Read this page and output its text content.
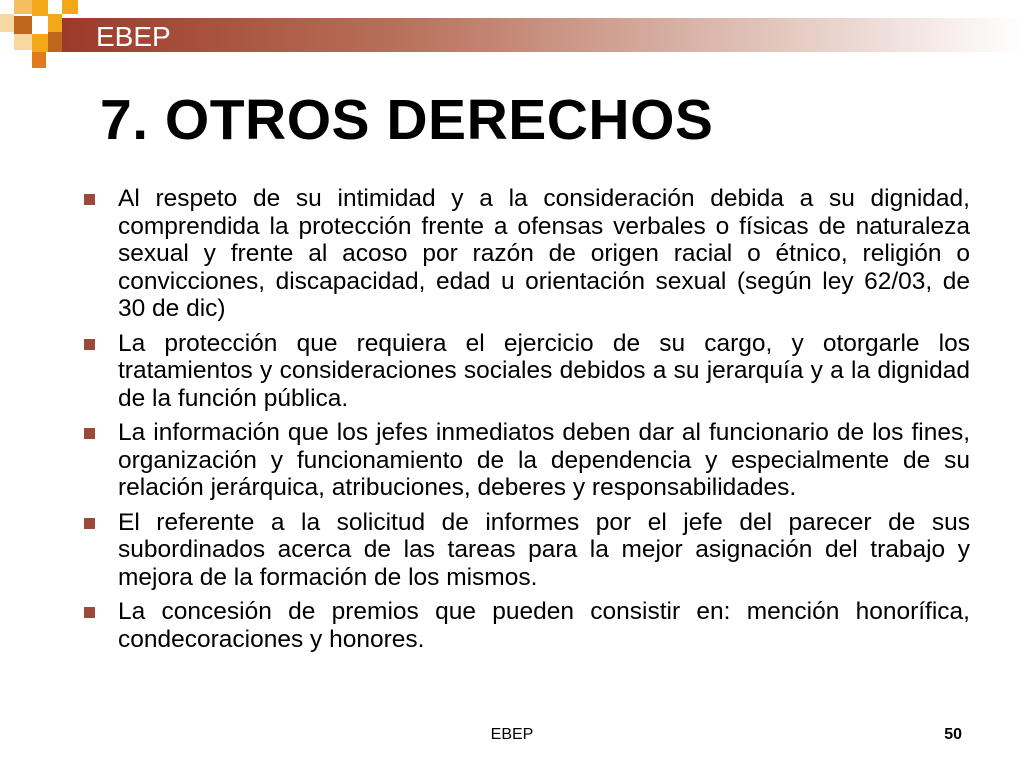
EBEP
7. OTROS DERECHOS
Al respeto de su intimidad y a la consideración debida a su dignidad, comprendida la protección frente a ofensas verbales o físicas de naturaleza sexual y frente al acoso por razón de origen racial o étnico, religión o convicciones, discapacidad, edad u orientación sexual (según ley 62/03, de 30 de dic)
La protección que requiera el ejercicio de su cargo, y otorgarle los tratamientos y consideraciones sociales debidos a su jerarquía y a la dignidad de la función pública.
La información que los jefes inmediatos deben dar al funcionario de los fines, organización y funcionamiento de la dependencia y especialmente de su relación jerárquica, atribuciones, deberes y responsabilidades.
El referente a la solicitud de informes por el jefe del parecer de sus subordinados acerca de las tareas para la mejor asignación del trabajo y mejora de la formación de los mismos.
La concesión de premios que pueden consistir en: mención honorífica, condecoraciones y honores.
EBEP	50
